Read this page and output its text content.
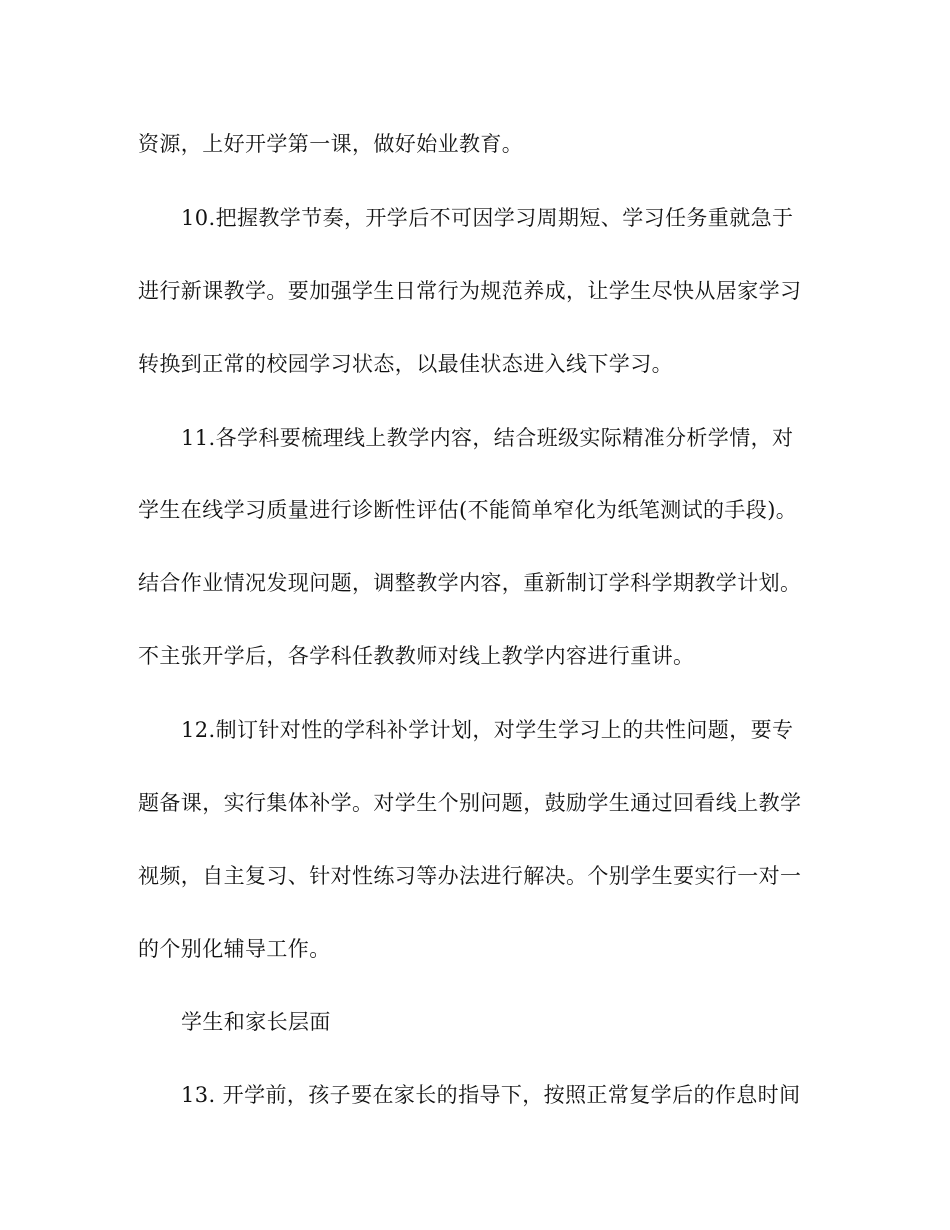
资源，上好开学第一课，做好始业教育。
10.把握教学节奏，开学后不可因学习周期短、学习任务重就急于
进行新课教学。要加强学生日常行为规范养成，让学生尽快从居家学习
转换到正常的校园学习状态，以最佳状态进入线下学习。
11.各学科要梳理线上教学内容，结合班级实际精准分析学情，对
学生在线学习质量进行诊断性评估(不能简单窄化为纸笔测试的手段)。
结合作业情况发现问题，调整教学内容，重新制订学科学期教学计划。
不主张开学后，各学科任教教师对线上教学内容进行重讲。
12.制订针对性的学科补学计划，对学生学习上的共性问题，要专
题备课，实行集体补学。对学生个别问题，鼓励学生通过回看线上教学
视频，自主复习、针对性练习等办法进行解决。个别学生要实行一对一
的个别化辅导工作。
学生和家长层面
13. 开学前，孩子要在家长的指导下，按照正常复学后的作息时间
